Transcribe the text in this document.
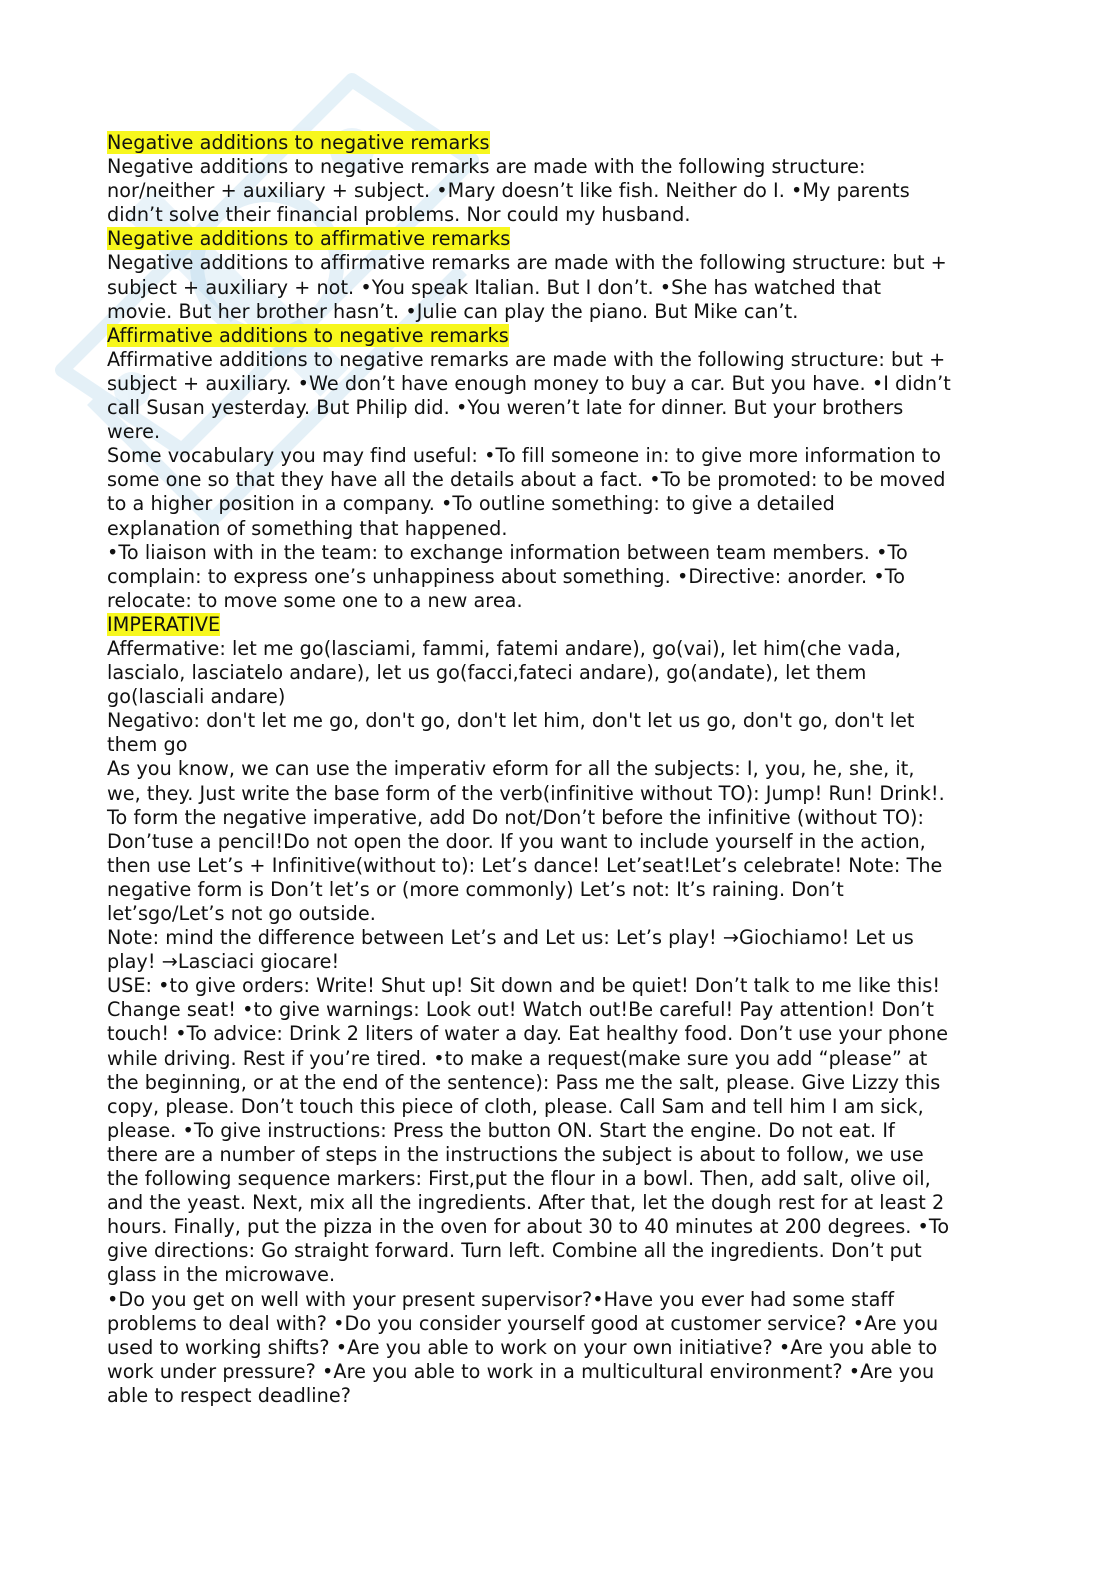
Negative additions to negative remarks

Negative additions to negative remarks are made with the following structure:
nor/neither + auxiliary + subject. •Mary doesn’t like fish. Neither do I. •My parents
didn’t solve their financial problems. Nor could my husband.

Negative additions to affirmative remarks

Negative additions to affirmative remarks are made with the following structure: but +
subject + auxiliary + not. •You speak Italian. But I don’t. •She has watched that
movie. But her brother hasn’t. •Julie can play the piano. But Mike can’t.

Affirmative additions to negative remarks

Affirmative additions to negative remarks are made with the following structure: but +
subject + auxiliary. •We don’t have enough money to buy a car. But you have. •I didn’t
call Susan yesterday. But Philip did. •You weren’t late for dinner. But your brothers
were.

Some vocabulary you may find useful: •To fill someone in: to give more information to
some one so that they have all the details about a fact. •To be promoted: to be moved
to a higher position in a company. •To outline something: to give a detailed
explanation of something that happened.

•To liaison with in the team: to exchange information between team members. •To
complain: to express one’s unhappiness about something. •Directive: anorder. •To
relocate: to move some one to a new area.

IMPERATIVE

Affermative: let me go(lasciami, fammi, fatemi andare), go(vai), let him(che vada,
lascialo, lasciatelo andare), let us go(facci,fateci andare), go(andate), let them
go(lasciali andare)

Negativo: don't let me go, don't go, don't let him, don't let us go, don't go, don't let
them go

As you know, we can use the imperativ eform for all the subjects: I, you, he, she, it,
we, they. Just write the base form of the verb(infinitive without TO): Jump! Run! Drink!.
To form the negative imperative, add Do not/Don’t before the infinitive (without TO):
Don’tuse a pencil!Do not open the door. If you want to include yourself in the action,
then use Let’s + Infinitive(without to): Let’s dance! Let’seat!Let’s celebrate! Note: The
negative form is Don’t let’s or (more commonly) Let’s not: It’s raining. Don’t
let’sgo/Let’s not go outside.

Note: mind the difference between Let’s and Let us: Let’s play! →Giochiamo! Let us
play! →Lasciaci giocare!

USE: •to give orders: Write! Shut up! Sit down and be quiet! Don’t talk to me like this!
Change seat! •to give warnings: Look out! Watch out!Be careful! Pay attention! Don’t
touch! •To advice: Drink 2 liters of water a day. Eat healthy food. Don’t use your phone
while driving. Rest if you’re tired. •to make a request(make sure you add “please” at
the beginning, or at the end of the sentence): Pass me the salt, please. Give Lizzy this
copy, please. Don’t touch this piece of cloth, please. Call Sam and tell him I am sick,
please. •To give instructions: Press the button ON. Start the engine. Do not eat. If
there are a number of steps in the instructions the subject is about to follow, we use
the following sequence markers: First,put the flour in a bowl. Then, add salt, olive oil,
and the yeast. Next, mix all the ingredients. After that, let the dough rest for at least 2
hours. Finally, put the pizza in the oven for about 30 to 40 minutes at 200 degrees. •To
give directions: Go straight forward. Turn left. Combine all the ingredients. Don’t put
glass in the microwave.

•Do you get on well with your present supervisor?•Have you ever had some staff
problems to deal with? •Do you consider yourself good at customer service? •Are you
used to working shifts? •Are you able to work on your own initiative? •Are you able to
work under pressure? •Are you able to work in a multicultural environment? •Are you
able to respect deadline?
